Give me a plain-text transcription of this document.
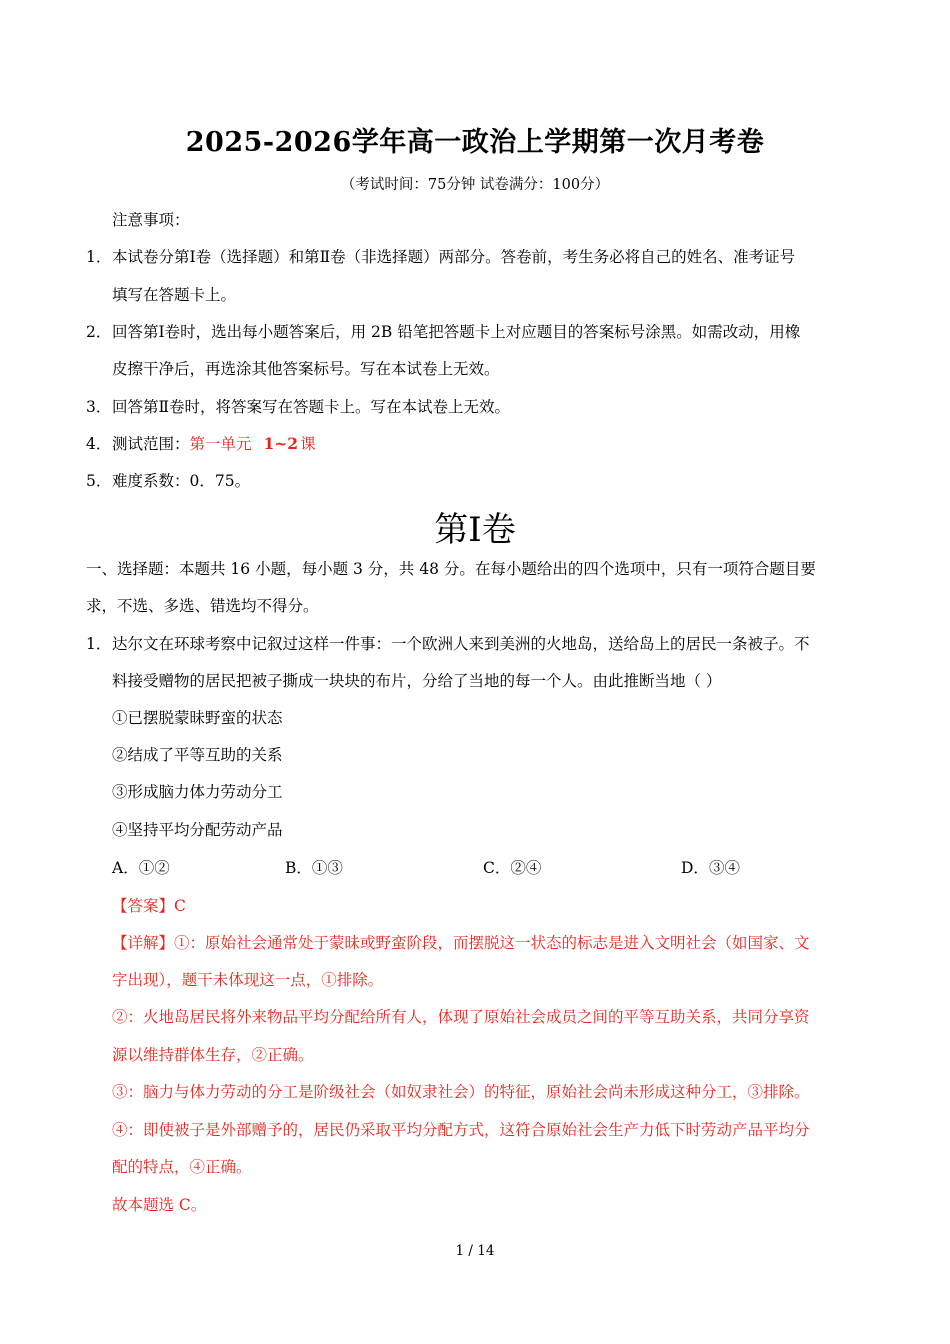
2025-2026学年高一政治上学期第一次月考卷
（考试时间：75分钟 试卷满分：100分）
注意事项：
1． 本试卷分第Ⅰ卷（选择题）和第Ⅱ卷（非选择题）两部分。答卷前，考生务必将自己的姓名、准考证号
填写在答题卡上。
2． 回答第Ⅰ卷时，选出每小题答案后，用 2B 铅笔把答题卡上对应题目的答案标号涂黑。如需改动，用橡
皮擦干净后，再选涂其他答案标号。写在本试卷上无效。
3． 回答第Ⅱ卷时，将答案写在答题卡上。写在本试卷上无效。
4． 测试范围：第一单元 1~2 课
5． 难度系数：0．75。
第Ⅰ卷
一、选择题：本题共 16 小题，每小题 3 分，共 48 分。在每小题给出的四个选项中，只有一项符合题目要
求，不选、多选、错选均不得分。
1． 达尔文在环球考察中记叙过这样一件事：一个欧洲人来到美洲的火地岛，送给岛上的居民一条被子。不
料接受赠物的居民把被子撕成一块块的布片，分给了当地的每一个人。由此推断当地（ ）
①已摆脱蒙昧野蛮的状态
②结成了平等互助的关系
③形成脑力体力劳动分工
④坚持平均分配劳动产品
A．①②	B．①③	C．②④	D．③④
【答案】C
【详解】①：原始社会通常处于蒙昧或野蛮阶段，而摆脱这一状态的标志是进入文明社会（如国家、文
字出现），题干未体现这一点，①排除。
②：火地岛居民将外来物品平均分配给所有人，体现了原始社会成员之间的平等互助关系，共同分享资
源以维持群体生存，②正确。
③：脑力与体力劳动的分工是阶级社会（如奴隶社会）的特征，原始社会尚未形成这种分工，③排除。
④：即使被子是外部赠予的，居民仍采取平均分配方式，这符合原始社会生产力低下时劳动产品平均分
配的特点，④正确。
故本题选 C。
1 / 14
